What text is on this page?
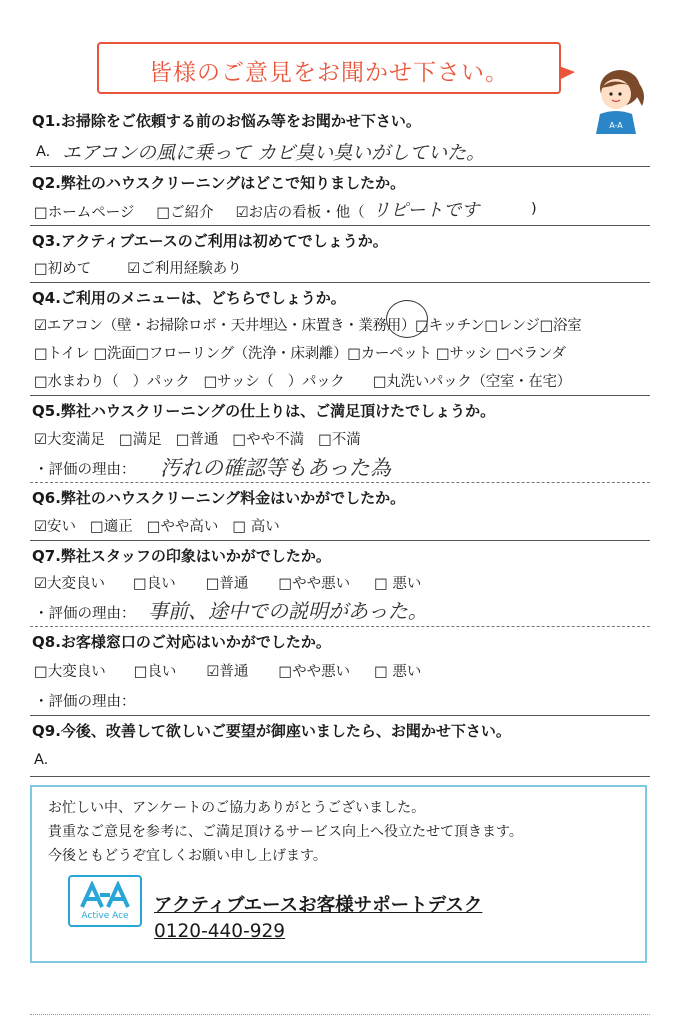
皆様のご意見をお聞かせ下さい。
A-A
Q1.お掃除をご依頼する前のお悩み等をお聞かせ下さい。
A. エアコンの風に乗って カビ臭い臭いがしていた。
Q2.弊社のハウスクリーニングはどこで知りましたか。
□ホームページ □ご紹介 ☑お店の看板・他（ リピートです	)
Q3.アクティブエースのご利用は初めてでしょうか。
□初めて ☑ご利用経験あり
Q4.ご利用のメニューは、どちらでしょうか。
☑エアコン（壁・お掃除ロボ・天井埋込・床置き・業務用）□キッチン□レンジ□浴室
□トイレ □洗面□フローリング（洗浄・床剥離）□カーペット □サッシ □ベランダ
□水まわり（　）パック　□サッシ（　）パック　　□丸洗いパック（空室・在宅）
Q5.弊社ハウスクリーニングの仕上りは、ご満足頂けたでしょうか。
☑大変満足 □満足 □普通 □やや不満 □不満
・評価の理由： 汚れの確認等もあった為
Q6.弊社のハウスクリーニング料金はいかがでしたか。
☑安い □適正 □やや高い □ 高い
Q7.弊社スタッフの印象はいかがでしたか。
☑大変良い □良い □普通 □やや悪い □ 悪い
・評価の理由： 事前、途中での説明があった。
Q8.お客様窓口のご対応はいかがでしたか。
□大変良い □良い ☑普通 □やや悪い □ 悪い
・評価の理由：
Q9.今後、改善して欲しいご要望が御座いましたら、お聞かせ下さい。
A.
お忙しい中、アンケートのご協力ありがとうございました。
貴重なご意見を参考に、ご満足頂けるサービス向上へ役立たせて頂きます。
今後ともどうぞ宜しくお願い申し上げます。
Active Ace	アクティブエースお客様サポートデスク
0120-440-929
